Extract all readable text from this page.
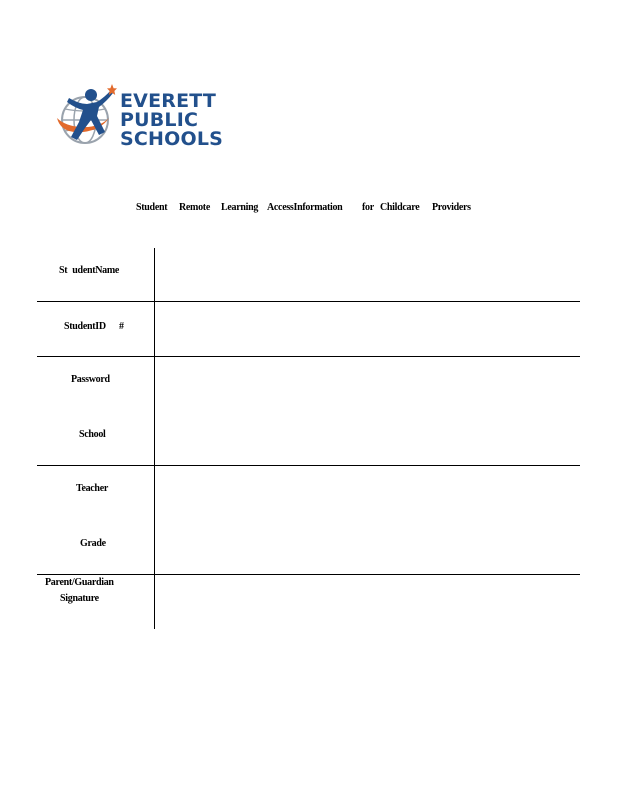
EVERETT
PUBLIC
SCHOOLS
Student Remote Learning AccessInformation for Childcare Providers
St udentName
StudentID #
Password
School
Teacher
Grade
Parent/Guardian
Signature
